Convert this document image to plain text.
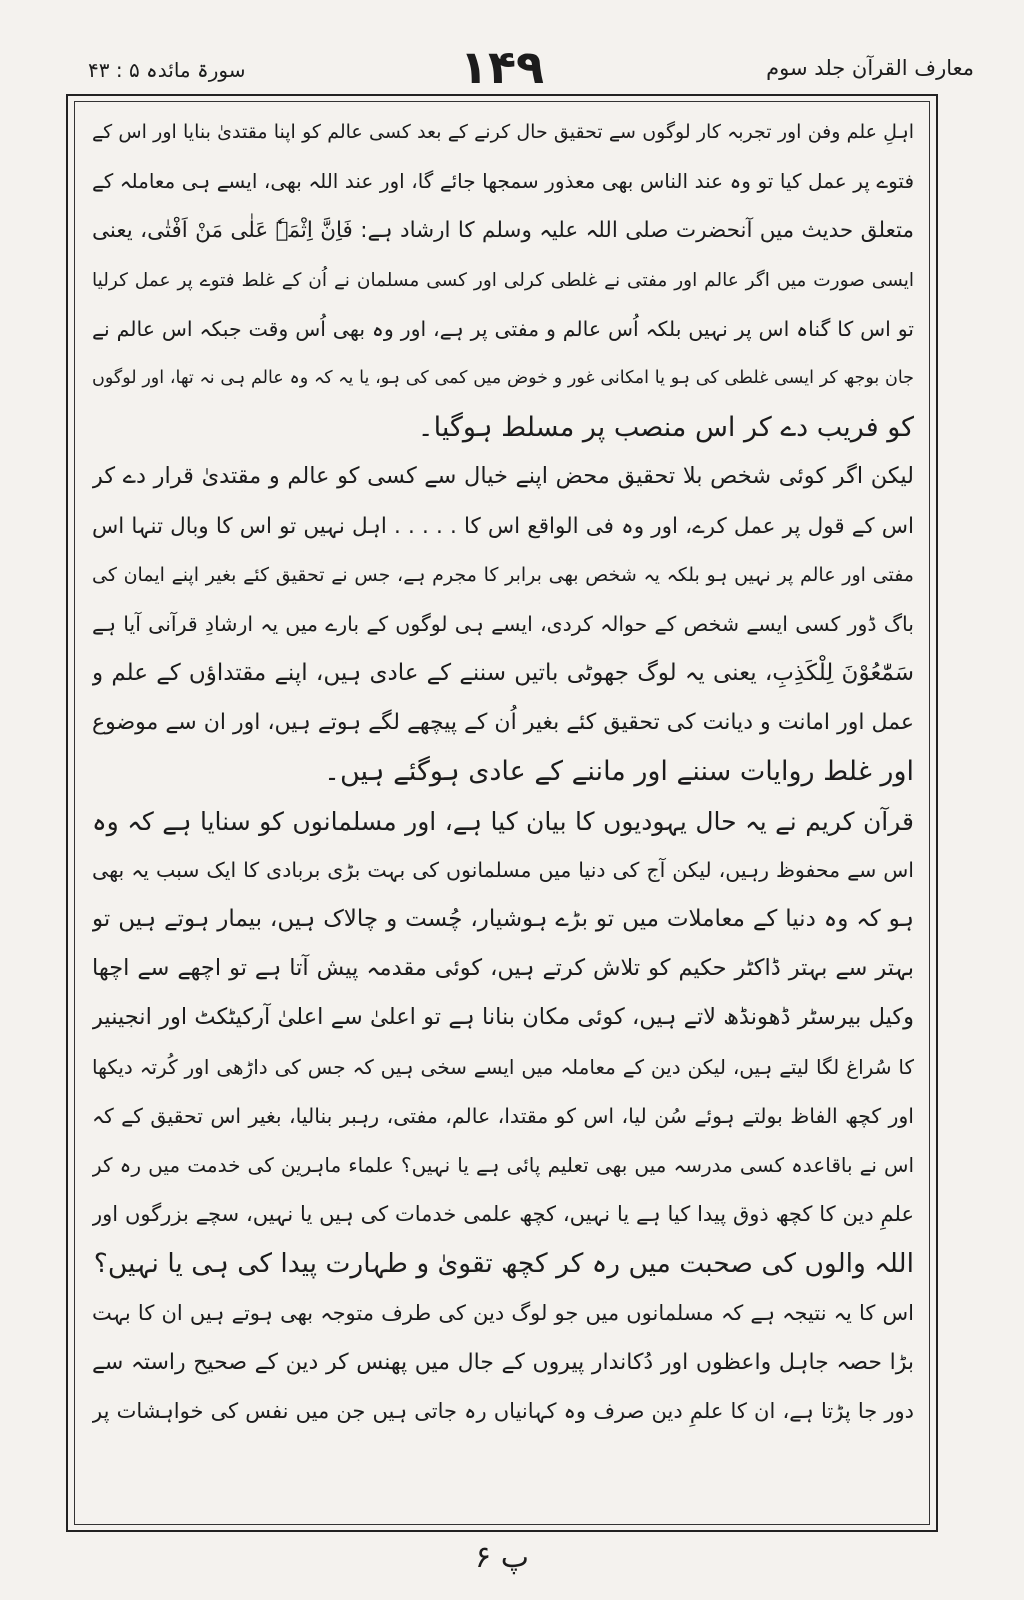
سورۃ مائدہ ۵ : ۴۳	۱۴۹	معارف القرآن جلد سوم
اہلِ علم وفن اور تجربہ کار لوگوں سے تحقیق حال کرنے کے بعد کسی عالم کو اپنا مقتدیٰ بنایا اور اس کے
فتوے پر عمل کیا تو وہ عند الناس بھی معذور سمجھا جائے گا، اور عند اللہ بھی، ایسے ہی معاملہ کے
متعلق حدیث میں آنحضرت صلی اللہ علیہ وسلم کا ارشاد ہے: فَاِنَّ اِثْمَہٗ عَلٰی مَنْ اَفْتٰی، یعنی
ایسی صورت میں اگر عالم اور مفتی نے غلطی کرلی اور کسی مسلمان نے اُن کے غلط فتوے پر عمل کرلیا
تو اس کا گناہ اس پر نہیں بلکہ اُس عالم و مفتی پر ہے، اور وہ بھی اُس وقت جبکہ اس عالم نے
جان بوجھ کر ایسی غلطی کی ہو یا امکانی غور و خوض میں کمی کی ہو، یا یہ کہ وہ عالم ہی نہ تھا، اور لوگوں
کو فریب دے کر اس منصب پر مسلط ہوگیا۔
لیکن اگر کوئی شخص بلا تحقیق محض اپنے خیال سے کسی کو عالم و مقتدیٰ قرار دے کر
اس کے قول پر عمل کرے، اور وہ فی الواقع اس کا . . . . . اہل نہیں تو اس کا وبال تنہا اس
مفتی اور عالم پر نہیں ہو بلکہ یہ شخص بھی برابر کا مجرم ہے، جس نے تحقیق کئے بغیر اپنے ایمان کی
باگ ڈور کسی ایسے شخص کے حوالہ کردی، ایسے ہی لوگوں کے بارے میں یہ ارشادِ قرآنی آیا ہے
سَمّٰعُوْنَ لِلْکَذِبِ، یعنی یہ لوگ جھوٹی باتیں سننے کے عادی ہیں، اپنے مقتداؤں کے علم و
عمل اور امانت و دیانت کی تحقیق کئے بغیر اُن کے پیچھے لگے ہوتے ہیں، اور ان سے موضوع
اور غلط روایات سننے اور ماننے کے عادی ہوگئے ہیں۔
قرآن کریم نے یہ حال یہودیوں کا بیان کیا ہے، اور مسلمانوں کو سنایا ہے کہ وہ
اس سے محفوظ رہیں، لیکن آج کی دنیا میں مسلمانوں کی بہت بڑی بربادی کا ایک سبب یہ بھی
ہو کہ وہ دنیا کے معاملات میں تو بڑے ہوشیار، چُست و چالاک ہیں، بیمار ہوتے ہیں تو
بہتر سے بہتر ڈاکٹر حکیم کو تلاش کرتے ہیں، کوئی مقدمہ پیش آتا ہے تو اچھے سے اچھا
وکیل بیرسٹر ڈھونڈھ لاتے ہیں، کوئی مکان بنانا ہے تو اعلیٰ سے اعلیٰ آرکیٹکٹ اور انجینیر
کا سُراغ لگا لیتے ہیں، لیکن دین کے معاملہ میں ایسے سخی ہیں کہ جس کی داڑھی اور کُرتہ دیکھا
اور کچھ الفاظ بولتے ہوئے سُن لیا، اس کو مقتدا، عالم، مفتی، رہبر بنالیا، بغیر اس تحقیق کے کہ
اس نے باقاعدہ کسی مدرسہ میں بھی تعلیم پائی ہے یا نہیں؟ علماء ماہرین کی خدمت میں رہ کر
علمِ دین کا کچھ ذوق پیدا کیا ہے یا نہیں، کچھ علمی خدمات کی ہیں یا نہیں، سچے بزرگوں اور
اللہ والوں کی صحبت میں رہ کر کچھ تقویٰ و طہارت پیدا کی ہی یا نہیں؟
اس کا یہ نتیجہ ہے کہ مسلمانوں میں جو لوگ دین کی طرف متوجہ بھی ہوتے ہیں ان کا بہت
بڑا حصہ جاہل واعظوں اور دُکاندار پیروں کے جال میں پھنس کر دین کے صحیح راستہ سے
دور جا پڑتا ہے، ان کا علمِ دین صرف وہ کہانیاں رہ جاتی ہیں جن میں نفس کی خواہشات پر
پ ۶
